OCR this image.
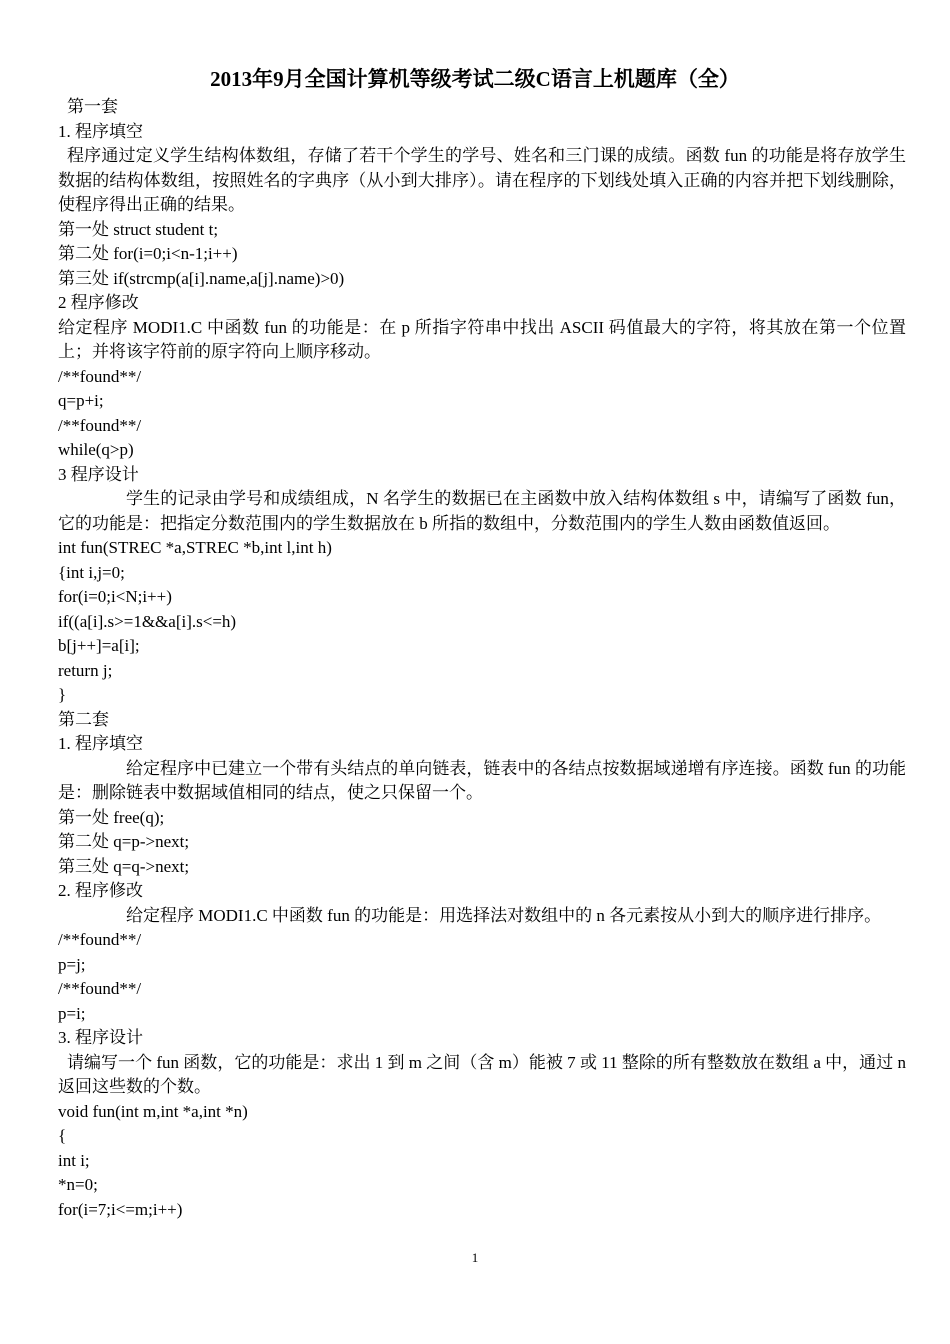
2013年9月全国计算机等级考试二级C语言上机题库（全）
第一套
1. 程序填空
程序通过定义学生结构体数组，存储了若干个学生的学号、姓名和三门课的成绩。函数 fun 的功能是将存放学生数据的结构体数组，按照姓名的字典序（从小到大排序）。请在程序的下划线处填入正确的内容并把下划线删除，使程序得出正确的结果。
第一处 struct student t;
第二处 for(i=0;i<n-1;i++)
第三处 if(strcmp(a[i].name,a[j].name)>0)
2 程序修改
给定程序 MODI1.C 中函数 fun 的功能是：在 p 所指字符串中找出 ASCII 码值最大的字符，将其放在第一个位置上；并将该字符前的原字符向上顺序移动。
/**found**/
q=p+i;
/**found**/
while(q>p)
3 程序设计
学生的记录由学号和成绩组成，N 名学生的数据已在主函数中放入结构体数组 s 中，请编写了函数 fun，它的功能是：把指定分数范围内的学生数据放在 b 所指的数组中，分数范围内的学生人数由函数值返回。
int fun(STREC *a,STREC *b,int l,int h)
{int i,j=0;
for(i=0;i<N;i++)
if((a[i].s>=1&&a[i].s<=h)
b[j++]=a[i];
return j;
}
第二套
1. 程序填空
给定程序中已建立一个带有头结点的单向链表，链表中的各结点按数据域递增有序连接。函数 fun 的功能是：删除链表中数据域值相同的结点，使之只保留一个。
第一处 free(q);
第二处 q=p->next;
第三处 q=q->next;
2. 程序修改
给定程序 MODI1.C 中函数 fun 的功能是：用选择法对数组中的 n 各元素按从小到大的顺序进行排序。
/**found**/
p=j;
/**found**/
p=i;
3. 程序设计
请编写一个 fun 函数，它的功能是：求出 1 到 m 之间（含 m）能被 7 或 11 整除的所有整数放在数组 a 中，通过 n 返回这些数的个数。
void fun(int m,int *a,int *n)
{
int i;
*n=0;
for(i=7;i<=m;i++)
1
